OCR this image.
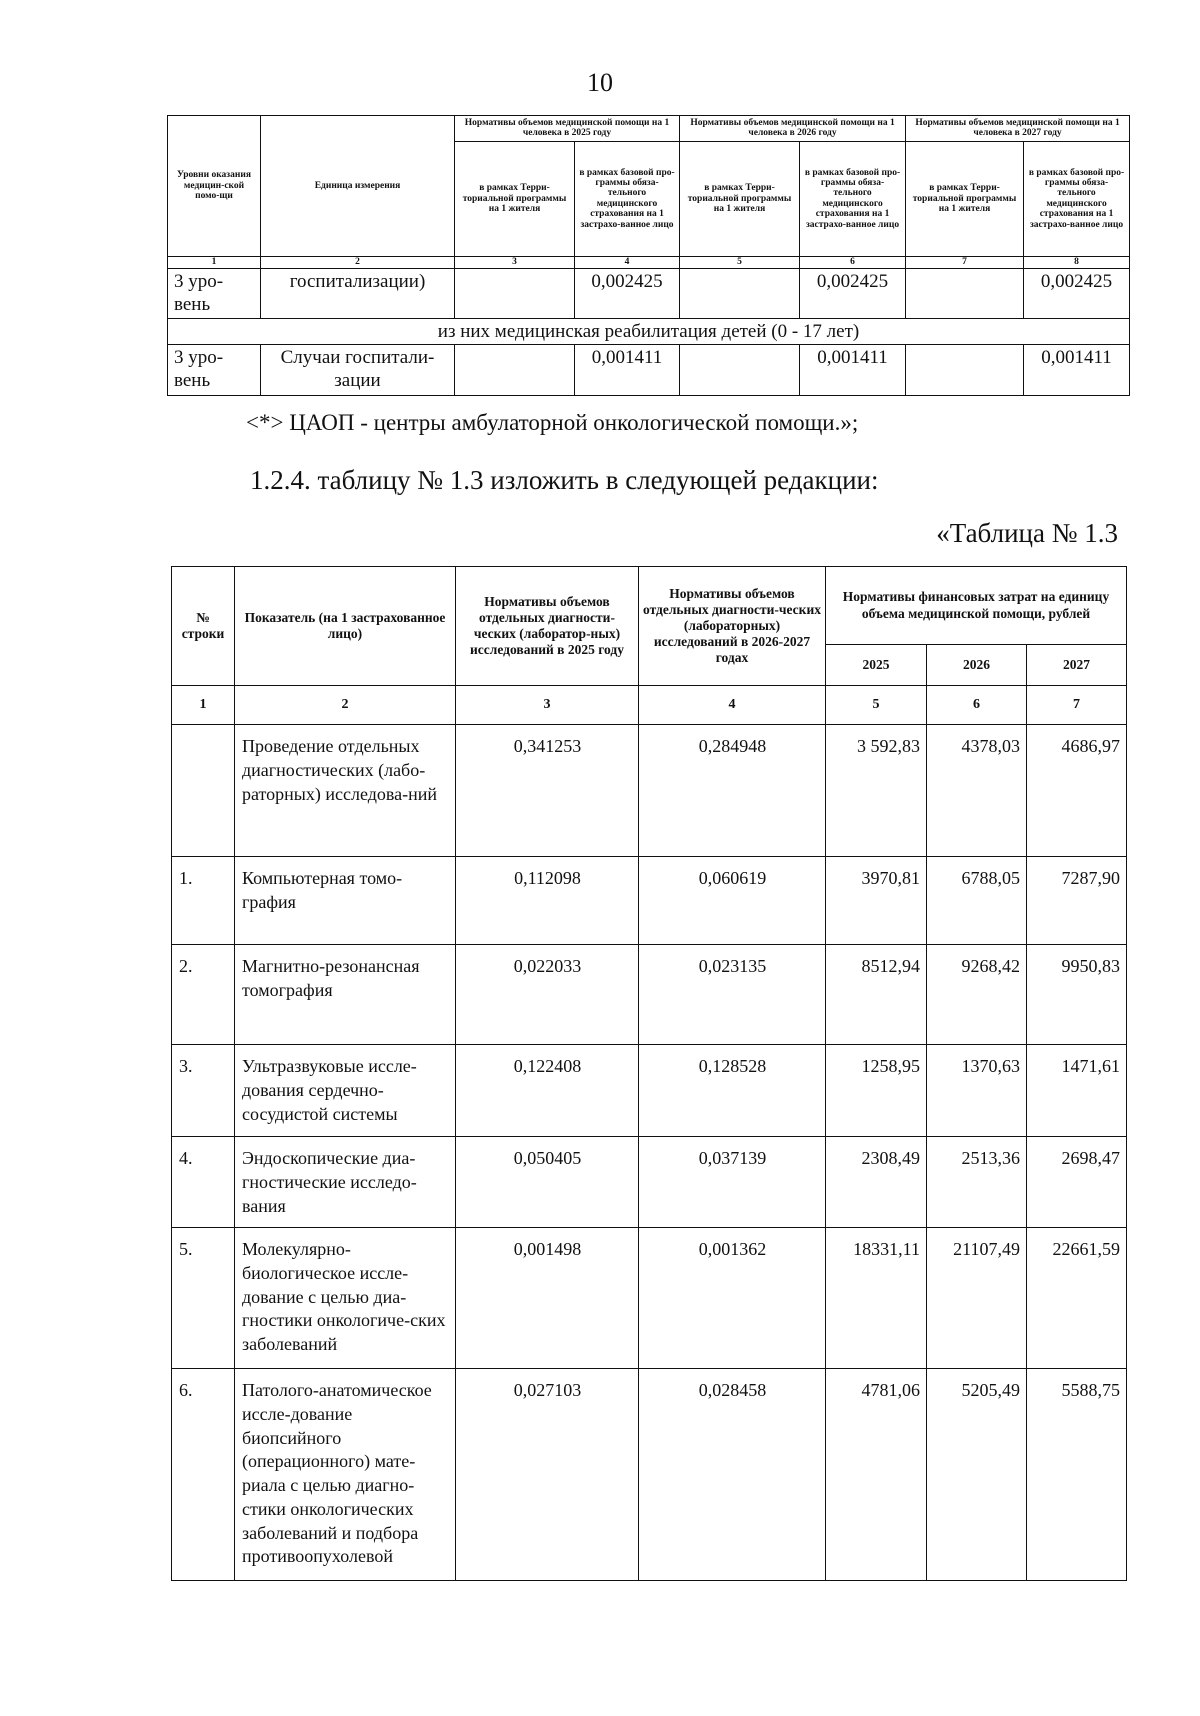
10
Уровни оказания медицин-ской помо-щи	Единица измерения	Нормативы объемов медицинской помощи на 1 человека в 2025 году		Нормативы объемов медицинской помощи на 1 человека в 2026 году		Нормативы объемов медицинской помощи на 1 человека в 2027 году	
		в рамках Терри-ториальной программы на 1 жителя	в рамках базовой про-граммы обяза-тельного медицинского страхования на 1 застрахо-ванное лицо	в рамках Терри-ториальной программы на 1 жителя	в рамках базовой про-граммы обяза-тельного медицинского страхования на 1 застрахо-ванное лицо	в рамках Терри-ториальной программы на 1 жителя	в рамках базовой про-граммы обяза-тельного медицинского страхования на 1 застрахо-ванное лицо
1	2	3	4	5	6	7	8
3 уро-вень	госпитализации)		0,002425		0,002425		0,002425
из них медицинская реабилитация детей (0 - 17 лет)							
3 уро-вень	Случаи госпитали-зации		0,001411		0,001411		0,001411
<*> ЦАОП - центры амбулаторной онкологической помощи.»;
1.2.4. таблицу № 1.3 изложить в следующей редакции:
«Таблица № 1.3
№ строки	Показатель (на 1 застрахованное лицо)	Нормативы объемов отдельных диагности-ческих (лаборатор-ных) исследований в 2025 году	Нормативы объемов отдельных диагности-ческих (лабораторных) исследований в 2026-2027 годах	Нормативы финансовых затрат на единицу объема медицинской помощи, рублей		
				2025	2026	2027
1	2	3	4	5	6	7
	Проведение отдельных диагностических (лабо-раторных) исследова-ний	0,341253	0,284948	3 592,83	4378,03	4686,97
1.	Компьютерная томо-графия	0,112098	0,060619	3970,81	6788,05	7287,90
2.	Магнитно-резонансная томография	0,022033	0,023135	8512,94	9268,42	9950,83
3.	Ультразвуковые иссле-дования сердечно-сосудистой системы	0,122408	0,128528	1258,95	1370,63	1471,61
4.	Эндоскопические диа-гностические исследо-вания	0,050405	0,037139	2308,49	2513,36	2698,47
5.	Молекулярно-биологическое иссле-дование с целью диа-гностики онкологиче-ских заболеваний	0,001498	0,001362	18331,11	21107,49	22661,59
6.	Патолого-анатомическое иссле-дование биопсийного (операционного) мате-риала с целью диагно-стики онкологических заболеваний и подбора противоопухолевой	0,027103	0,028458	4781,06	5205,49	5588,75
